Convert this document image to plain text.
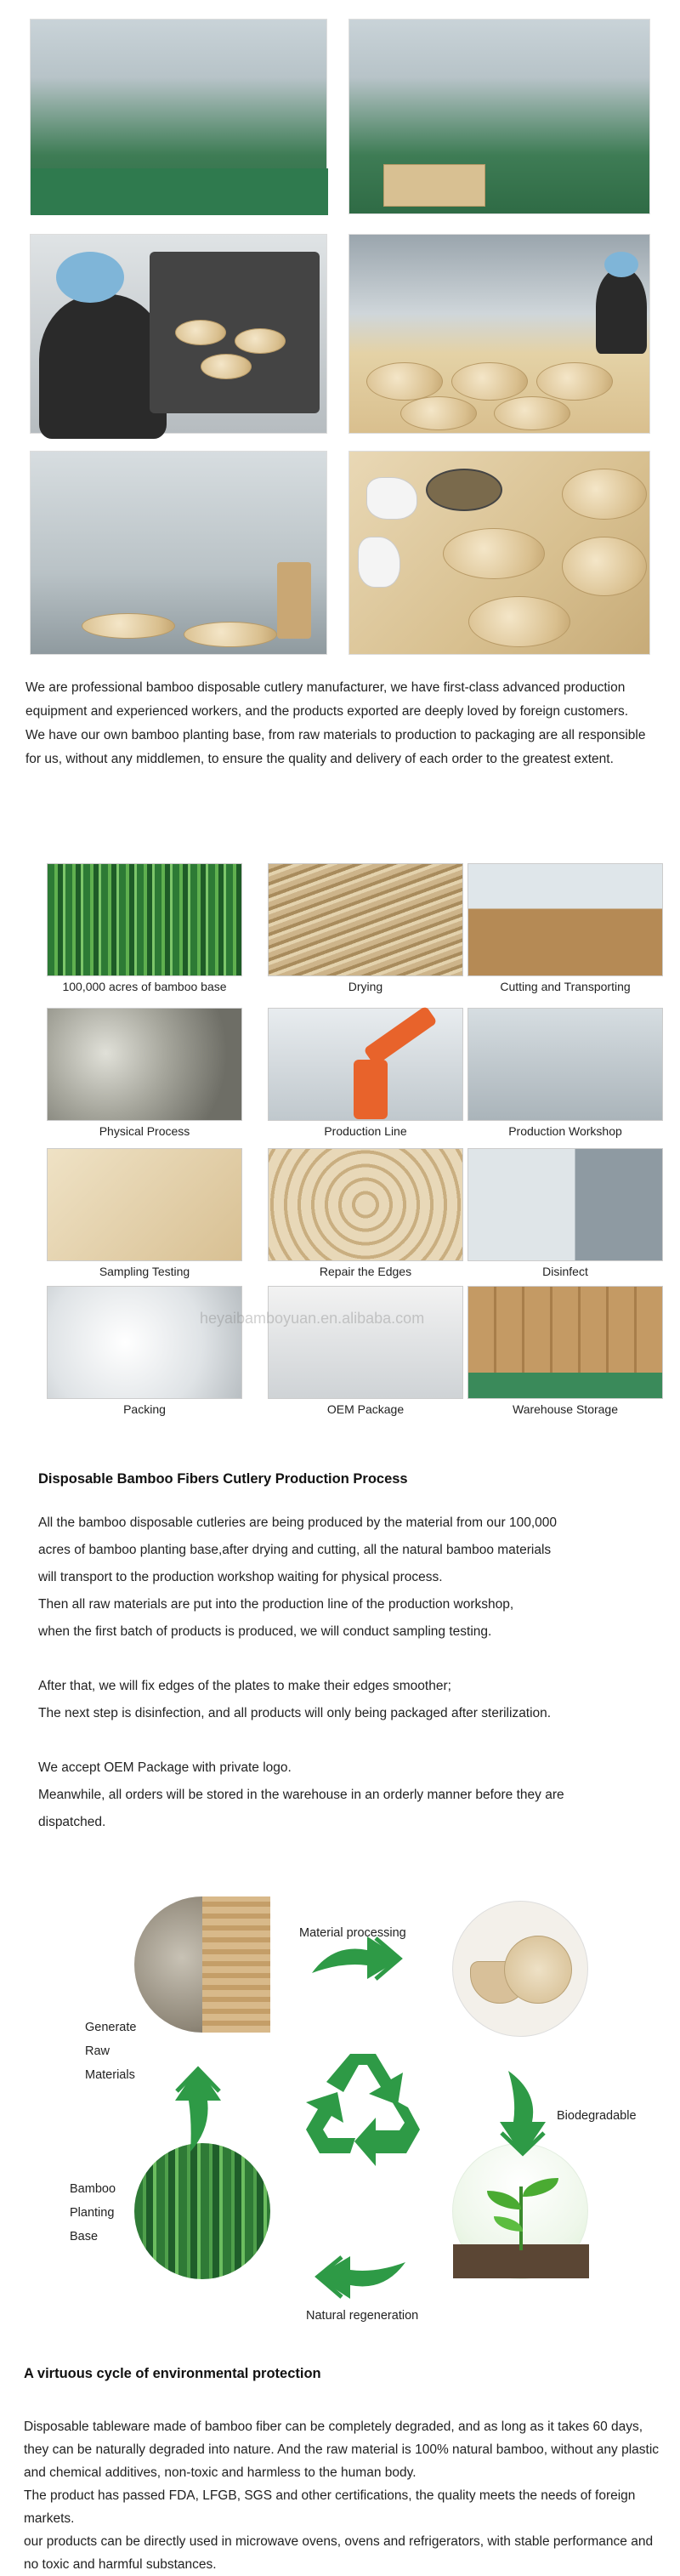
We are professional bamboo disposable cutlery manufacturer, we have first-class advanced production equipment and experienced workers, and the products exported are deeply loved by foreign customers.

We have our own bamboo planting base, from raw materials to production to packaging are all responsible for us, without any middlemen, to ensure the quality and delivery of each order to the greatest extent.

100,000 acres of bamboo base	Drying	Cutting and Transporting
Physical Process	Production Line	Production Workshop
Sampling Testing	Repair the Edges	Disinfect
Packing	OEM Package	Warehouse Storage
heyaibamboyuan.en.alibaba.com
Disposable Bamboo Fibers Cutlery Production Process
All the bamboo disposable cutleries are being produced by the material from our 100,000
acres of bamboo planting base,after drying and cutting, all the natural bamboo materials
will transport to the production workshop waiting for physical process.
Then all raw materials are put into the production line of the production workshop,
when the first batch of products is produced, we will conduct sampling testing.
After that, we will fix edges of the plates to make their edges smoother;
The next step is disinfection, and all products will only being packaged after sterilization.
We accept OEM Package with private logo.
Meanwhile, all orders will be stored in the warehouse in an orderly manner before they are
dispatched.
Material processing
Generate
Raw
Materials
Biodegradable
Bamboo
Planting
Base
Natural regeneration
A virtuous cycle of environmental protection

Disposable tableware made of bamboo fiber can be completely degraded, and as long as it takes 60 days, they can be naturally degraded into nature. And the raw material is 100% natural bamboo, without any plastic and chemical additives, non-toxic and harmless to the human body.

The product has passed FDA, LFGB, SGS and other certifications, the quality meets the needs of foreign markets.

our products can be directly used in microwave ovens, ovens and refrigerators, with stable performance and no toxic and harmful substances.
